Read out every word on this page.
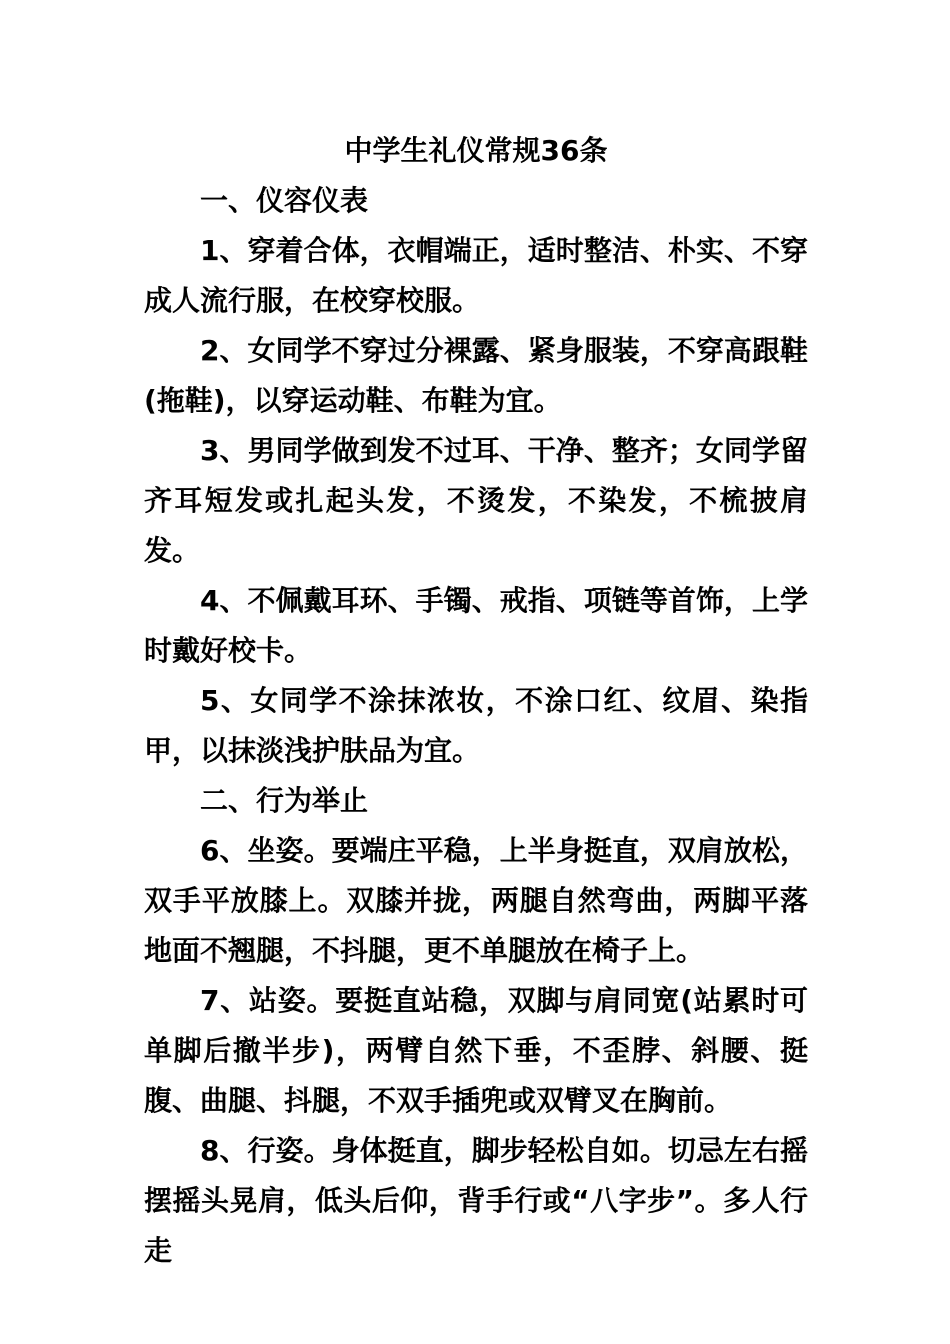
中学生礼仪常规36条

一、仪容仪表

1、穿着合体，衣帽端正，适时整洁、朴实、不穿成人流行服，在校穿校服。

2、女同学不穿过分裸露、紧身服装，不穿高跟鞋(拖鞋)，以穿运动鞋、布鞋为宜。

3、男同学做到发不过耳、干净、整齐；女同学留齐耳短发或扎起头发，不烫发，不染发，不梳披肩发。

4、不佩戴耳环、手镯、戒指、项链等首饰，上学时戴好校卡。

5、女同学不涂抹浓妆，不涂口红、纹眉、染指甲，以抹淡浅护肤品为宜。

二、行为举止

6、坐姿。要端庄平稳，上半身挺直，双肩放松，双手平放膝上。双膝并拢，两腿自然弯曲，两脚平落地面不翘腿，不抖腿，更不单腿放在椅子上。

7、站姿。要挺直站稳，双脚与肩同宽(站累时可单脚后撤半步)，两臂自然下垂，不歪脖、斜腰、挺腹、曲腿、抖腿，不双手插兜或双臂叉在胸前。

8、行姿。身体挺直，脚步轻松自如。切忌左右摇摆摇头晃肩，低头后仰，背手行或“八字步”。多人行走
